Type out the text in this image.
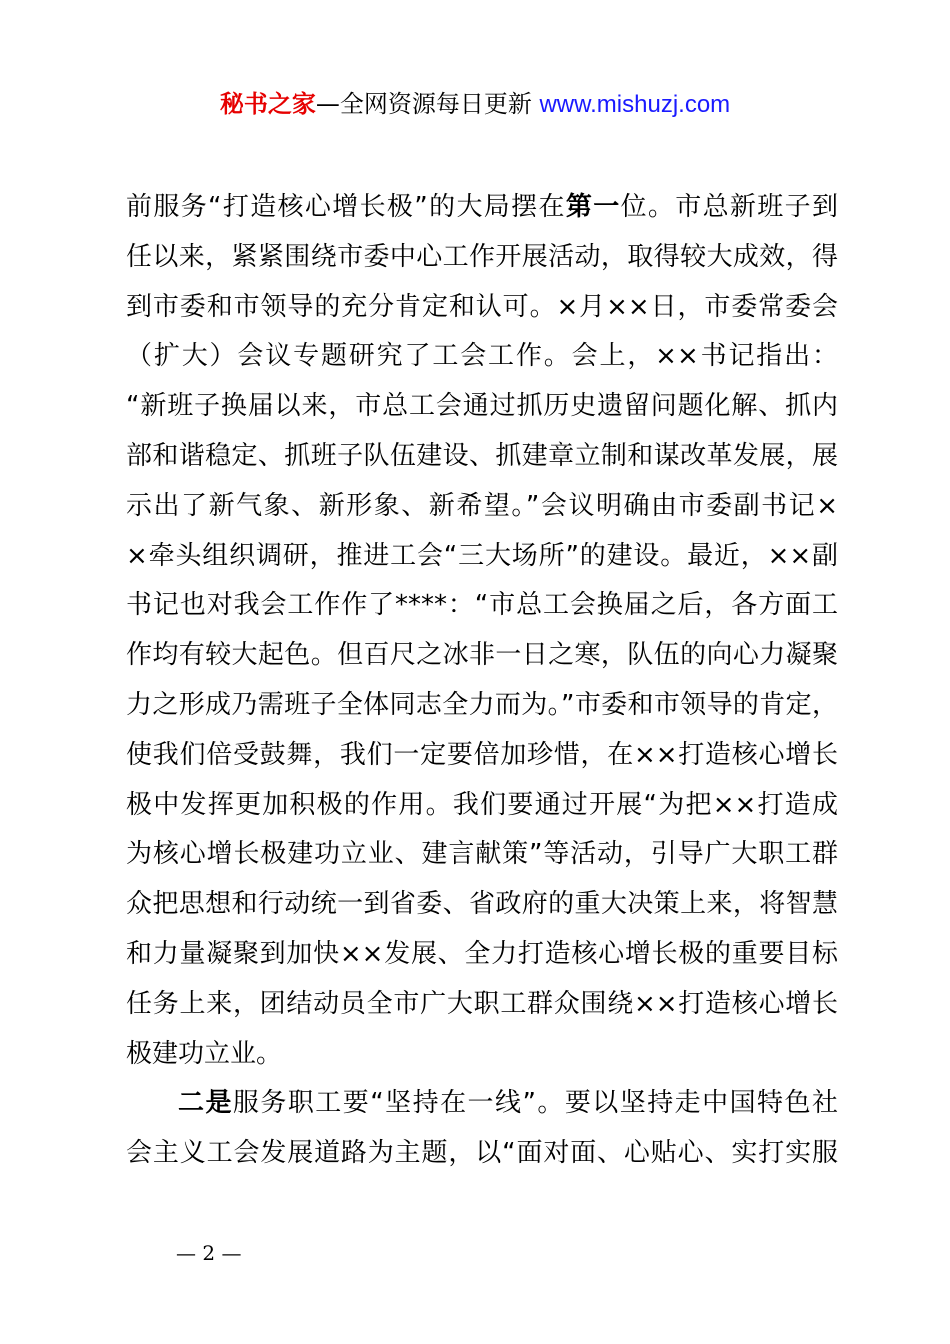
秘书之家—全网资源每日更新 www.mishuzj.com
前服务“打造核心增长极”的大局摆在第一位。市总新班子到
任以来，紧紧围绕市委中心工作开展活动，取得较大成效，得
到市委和市领导的充分肯定和认可。×月××日，市委常委会
（扩大）会议专题研究了工会工作。会上，××书记指出：
“新班子换届以来，市总工会通过抓历史遗留问题化解、抓内
部和谐稳定、抓班子队伍建设、抓建章立制和谋改革发展，展
示出了新气象、新形象、新希望。”会议明确由市委副书记×
×牵头组织调研，推进工会“三大场所”的建设。最近，××副
书记也对我会工作作了****：“市总工会换届之后，各方面工
作均有较大起色。但百尺之冰非一日之寒，队伍的向心力凝聚
力之形成乃需班子全体同志全力而为。”市委和市领导的肯定，
使我们倍受鼓舞，我们一定要倍加珍惜，在××打造核心增长
极中发挥更加积极的作用。我们要通过开展“为把××打造成
为核心增长极建功立业、建言献策”等活动，引导广大职工群
众把思想和行动统一到省委、省政府的重大决策上来，将智慧
和力量凝聚到加快××发展、全力打造核心增长极的重要目标
任务上来，团结动员全市广大职工群众围绕××打造核心增长
极建功立业。
二是服务职工要“坚持在一线”。要以坚持走中国特色社
会主义工会发展道路为主题，以“面对面、心贴心、实打实服
— 2 —
